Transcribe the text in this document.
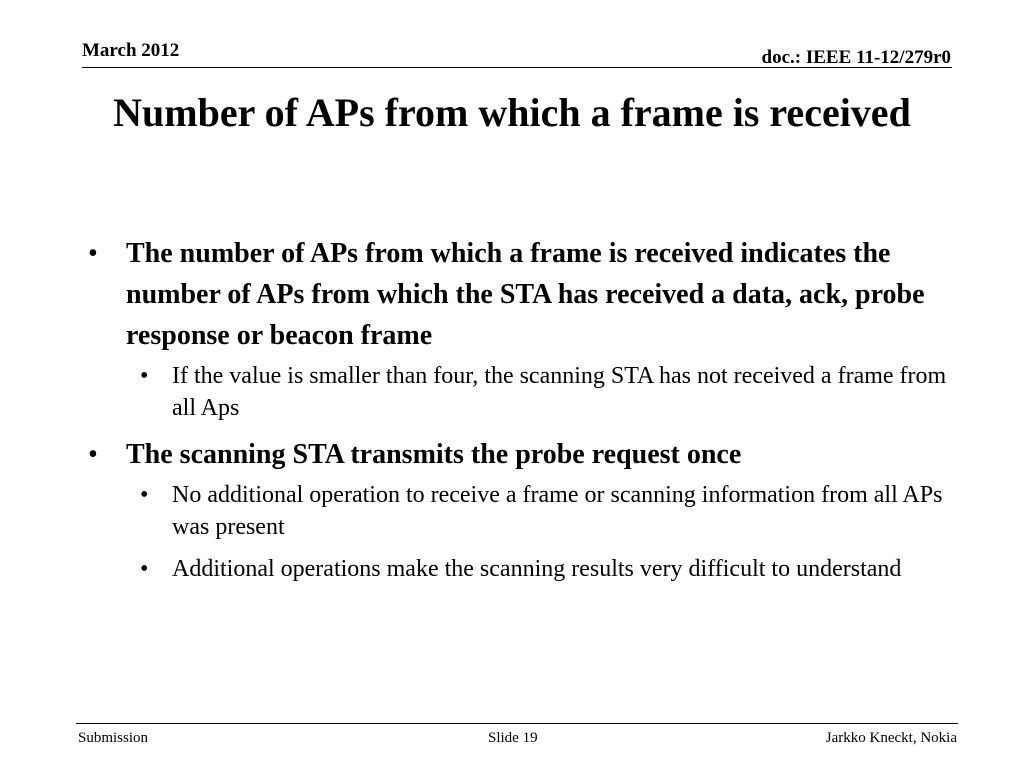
March 2012	doc.: IEEE 11-12/279r0
Number of APs from which a frame is received
• The number of APs from which a frame is received indicates the number of APs from which the STA has received a data, ack, probe response or beacon frame
• If the value is smaller than four, the scanning STA has not received a frame from all Aps
• The scanning STA transmits the probe request once
• No additional operation to receive a frame or scanning information from all APs was present
• Additional operations make the scanning results very difficult to understand
Submission	Slide 19	Jarkko Kneckt, Nokia
